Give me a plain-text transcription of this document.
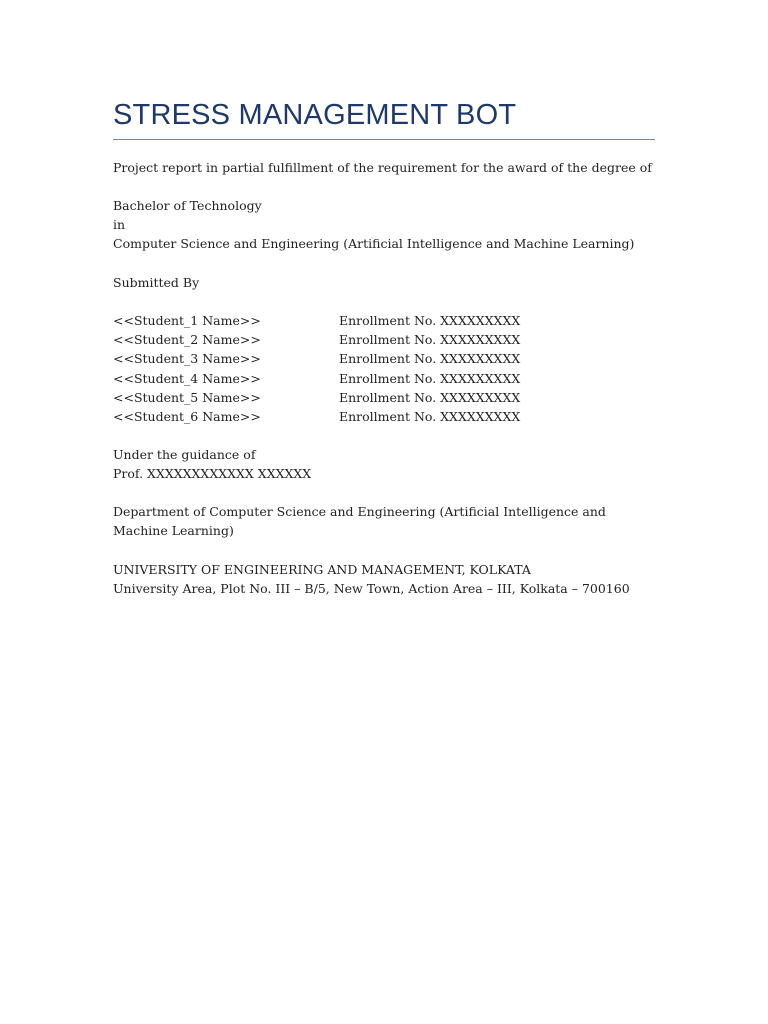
STRESS MANAGEMENT BOT
Project report in partial fulfillment of the requirement for the award of the degree of
Bachelor of Technology
in
Computer Science and Engineering (Artificial Intelligence and Machine Learning)
Submitted By
<<Student_1 Name>>	Enrollment No. XXXXXXXXX
<<Student_2 Name>>	Enrollment No. XXXXXXXXX
<<Student_3 Name>>	Enrollment No. XXXXXXXXX
<<Student_4 Name>>	Enrollment No. XXXXXXXXX
<<Student_5 Name>>	Enrollment No. XXXXXXXXX
<<Student_6 Name>>	Enrollment No. XXXXXXXXX
Under the guidance of
Prof. XXXXXXXXXXXX XXXXXX
Department of Computer Science and Engineering (Artificial Intelligence and Machine Learning)
UNIVERSITY OF ENGINEERING AND MANAGEMENT, KOLKATA
University Area, Plot No. III – B/5, New Town, Action Area – III, Kolkata – 700160
